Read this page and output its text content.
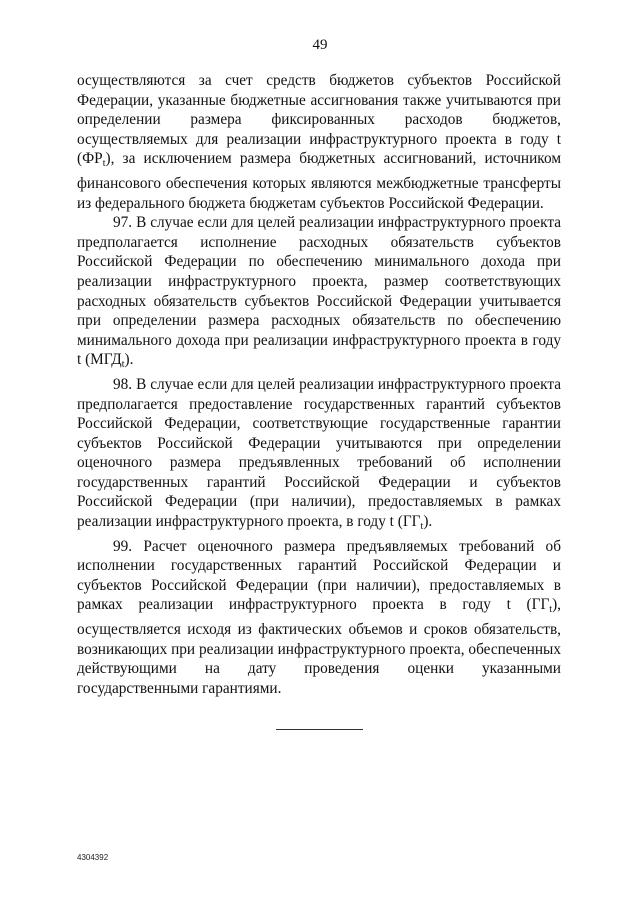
49

осуществляются за счет средств бюджетов субъектов Российской Федерации, указанные бюджетные ассигнования также учитываются при определении размера фиксированных расходов бюджетов, осуществляемых для реализации инфраструктурного проекта в году t $(ФР_t)$, за исключением размера бюджетных ассигнований, источником финансового обеспечения которых являются межбюджетные трансферты из федерального бюджета бюджетам субъектов Российской Федерации.

97. В случае если для целей реализации инфраструктурного проекта предполагается исполнение расходных обязательств субъектов Российской Федерации по обеспечению минимального дохода при реализации инфраструктурного проекта, размер соответствующих расходных обязательств субъектов Российской Федерации учитывается при определении размера расходных обязательств по обеспечению минимального дохода при реализации инфраструктурного проекта в году t $(МГД_t)$.

98. В случае если для целей реализации инфраструктурного проекта предполагается предоставление государственных гарантий субъектов Российской Федерации, соответствующие государственные гарантии субъектов Российской Федерации учитываются при определении оценочного размера предъявленных требований об исполнении государственных гарантий Российской Федерации и субъектов Российской Федерации (при наличии), предоставляемых в рамках реализации инфраструктурного проекта, в году t $(ГГ_t)$.

99. Расчет оценочного размера предъявляемых требований об исполнении государственных гарантий Российской Федерации и субъектов Российской Федерации (при наличии), предоставляемых в рамках реализации инфраструктурного проекта в году t $(ГГ_t)$, осуществляется исходя из фактических объемов и сроков обязательств, возникающих при реализации инфраструктурного проекта, обеспеченных действующими на дату проведения оценки указанными государственными гарантиями.

4304392
